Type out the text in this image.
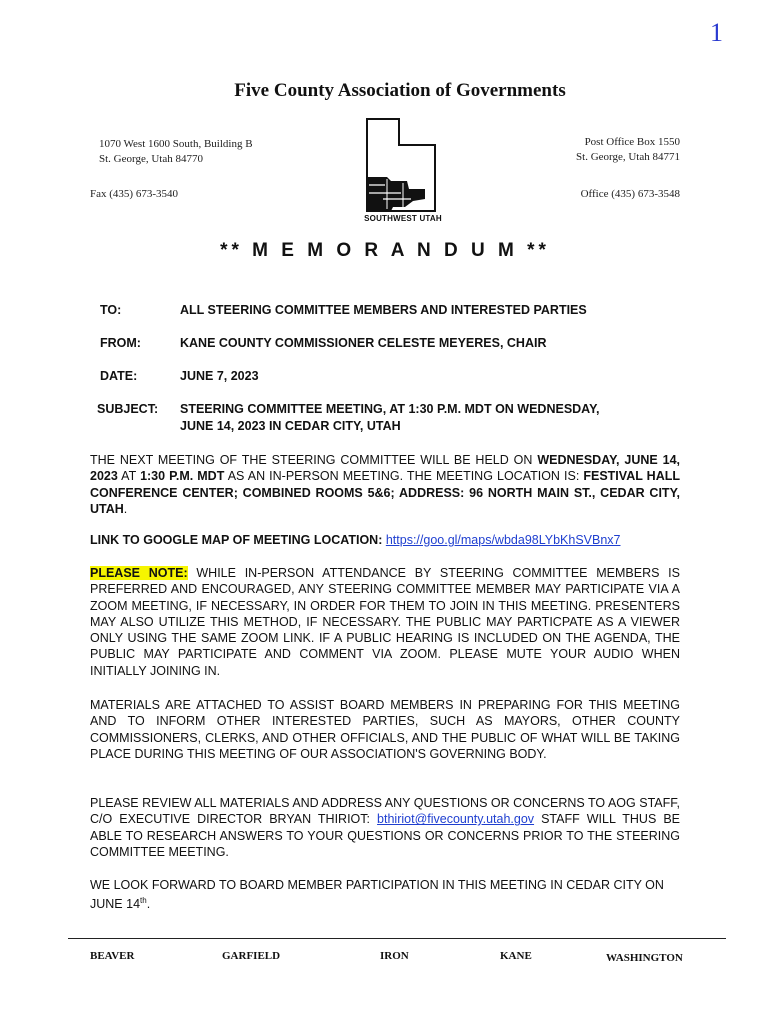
1
Five County Association of Governments
1070 West 1600 South, Building B
St. George, Utah 84770
Fax (435) 673-3540
Post Office Box 1550
St. George, Utah 84771
Office (435) 673-3548
SOUTHWEST UTAH
** M E M O R A N D U M **
TO:	ALL STEERING COMMITTEE MEMBERS AND INTERESTED PARTIES
FROM:	KANE COUNTY COMMISSIONER CELESTE MEYERES, CHAIR
DATE:	JUNE 7, 2023
SUBJECT: STEERING COMMITTEE MEETING, AT 1:30 P.M. MDT ON WEDNESDAY,
JUNE 14, 2023 IN CEDAR CITY, UTAH
THE NEXT MEETING OF THE STEERING COMMITTEE WILL BE HELD ON WEDNESDAY, JUNE 14, 2023 AT 1:30 P.M. MDT AS AN IN-PERSON MEETING. THE MEETING LOCATION IS: FESTIVAL HALL CONFERENCE CENTER; COMBINED ROOMS 5&6; ADDRESS: 96 NORTH MAIN ST., CEDAR CITY, UTAH.
LINK TO GOOGLE MAP OF MEETING LOCATION: https://goo.gl/maps/wbda98LYbKhSVBnx7
PLEASE NOTE: WHILE IN-PERSON ATTENDANCE BY STEERING COMMITTEE MEMBERS IS PREFERRED AND ENCOURAGED, ANY STEERING COMMITTEE MEMBER MAY PARTICIPATE VIA A ZOOM MEETING, IF NECESSARY, IN ORDER FOR THEM TO JOIN IN THIS MEETING. PRESENTERS MAY ALSO UTILIZE THIS METHOD, IF NECESSARY. THE PUBLIC MAY PARTICPATE AS A VIEWER ONLY USING THE SAME ZOOM LINK. IF A PUBLIC HEARING IS INCLUDED ON THE AGENDA, THE PUBLIC MAY PARTICIPATE AND COMMENT VIA ZOOM. PLEASE MUTE YOUR AUDIO WHEN INITIALLY JOINING IN.
MATERIALS ARE ATTACHED TO ASSIST BOARD MEMBERS IN PREPARING FOR THIS MEETING AND TO INFORM OTHER INTERESTED PARTIES, SUCH AS MAYORS, OTHER COUNTY COMMISSIONERS, CLERKS, AND OTHER OFFICIALS, AND THE PUBLIC OF WHAT WILL BE TAKING PLACE DURING THIS MEETING OF OUR ASSOCIATION'S GOVERNING BODY.
PLEASE REVIEW ALL MATERIALS AND ADDRESS ANY QUESTIONS OR CONCERNS TO AOG STAFF, C/O EXECUTIVE DIRECTOR BRYAN THIRIOT: bthiriot@fivecounty.utah.gov STAFF WILL THUS BE ABLE TO RESEARCH ANSWERS TO YOUR QUESTIONS OR CONCERNS PRIOR TO THE STEERING COMMITTEE MEETING.
WE LOOK FORWARD TO BOARD MEMBER PARTICIPATION IN THIS MEETING IN CEDAR CITY ON JUNE 14th.
BEAVER	GARFIELD	IRON	KANE	WASHINGTON
